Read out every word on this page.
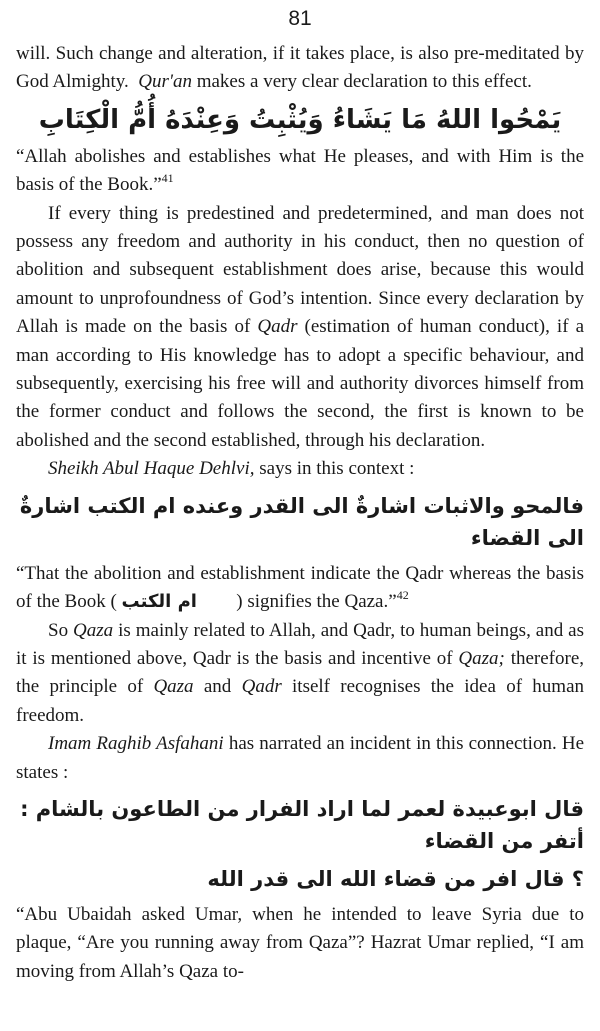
81

will. Such change and alteration, if it takes place, is also pre-meditated by God Almighty. Qur'an makes a very clear declaration to this effect.

يَمْحُوا اللهُ مَا يَشَاءُ وَيُثْبِتُ وَعِنْدَهُ أُمُّ الْكِتَابِ

“Allah abolishes and establishes what He pleases, and with Him is the basis of the Book.”$^{41}$

If every thing is predestined and predetermined, and man does not possess any freedom and authority in his conduct, then no question of abolition and subsequent establishment does arise, because this would amount to unprofoundness of God’s intention. Since every declaration by Allah is made on the basis of Qadr (estimation of human conduct), if a man according to His knowledge has to adopt a specific behaviour, and subsequently, exercising his free will and authority divorces himself from the former conduct and follows the second, the first is known to be abolished and the second established, through his declaration.

Sheikh Abul Haque Dehlvi, says in this context :

فالمحو والاثبات اشارةٌ الى القدر وعنده ام الكتب اشارةٌ الى القضاء

“That the abolition and establishment indicate the Qadr whereas the basis of the Book ( ام الكتب ) signifies the Qaza.”$^{42}$

So Qaza is mainly related to Allah, and Qadr, to human beings, and as it is mentioned above, Qadr is the basis and incentive of Qaza; therefore, the principle of Qaza and Qadr itself recognises the idea of human freedom.

Imam Raghib Asfahani has narrated an incident in this connection. He states :

قال ابوعبيدة لعمر لما اراد الفرار من الطاعون بالشام : أتفر من القضاء
؟ قال افر من قضاء الله الى قدر الله

“Abu Ubaidah asked Umar, when he intended to leave Syria due to plaque, “Are you running away from Qaza”? Hazrat Umar replied, “I am moving from Allah’s Qaza to-
